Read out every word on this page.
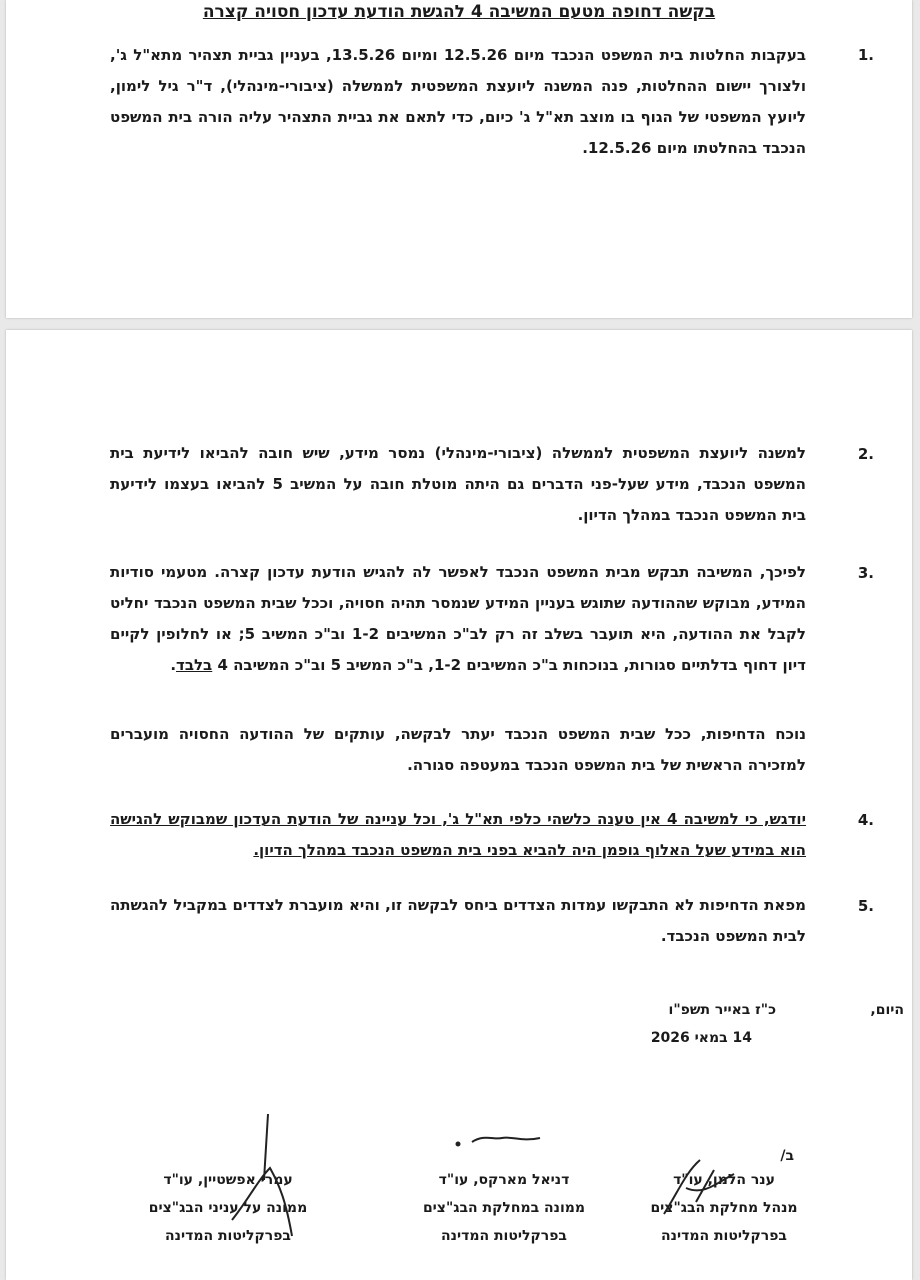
בקשה דחופה מטעם המשיבה 4 להגשת הודעת עדכון חסויה קצרה
1.
בעקבות החלטות בית המשפט הנכבד מיום 12.5.26 ומיום 13.5.26, בעניין גביית תצהיר מתא"ל ג', ולצורך יישום ההחלטות, פנה המשנה ליועצת המשפטית לממשלה (ציבורי-מינהלי), ד"ר גיל לימון, ליועץ המשפטי של הגוף בו מוצב תא"ל ג' כיום, כדי לתאם את גביית התצהיר עליה הורה בית המשפט הנכבד בהחלטתו מיום 12.5.26.
2.
למשנה ליועצת המשפטית לממשלה (ציבורי-מינהלי) נמסר מידע, שיש חובה להביאו לידיעת בית המשפט הנכבד, מידע שעל-פני הדברים גם היתה מוטלת חובה על המשיב 5 להביאו בעצמו לידיעת בית המשפט הנכבד במהלך הדיון.
3.
לפיכך, המשיבה תבקש מבית המשפט הנכבד לאפשר לה להגיש הודעת עדכון קצרה. מטעמי סודיות המידע, מבוקש שההודעה שתוגש בעניין המידע שנמסר תהיה חסויה, וככל שבית המשפט הנכבד יחליט לקבל את ההודעה, היא תועבר בשלב זה רק לב"כ המשיבים 1-2 וב"כ המשיב 5; או לחלופין לקיים דיון דחוף בדלתיים סגורות, בנוכחות ב"כ המשיבים 1-2, ב"כ המשיב 5 וב"כ המשיבה 4 בלבד.
נוכח הדחיפות, ככל שבית המשפט הנכבד יעתר לבקשה, עותקים של ההודעה החסויה מועברים למזכירה הראשית של בית המשפט הנכבד במעטפה סגורה.
4.
יודגש, כי למשיבה 4 אין טענה כלשהי כלפי תא"ל ג', וכל עניינה של הודעת העדכון שמבוקש להגישה הוא במידע שעל האלוף גופמן היה להביא בפני בית המשפט הנכבד במהלך הדיון.
5.
מפאת הדחיפות לא התבקשו עמדות הצדדים ביחס לבקשה זו, והיא מועברת לצדדים במקביל להגשתה לבית המשפט הנכבד.
היום,
כ"ז באייר תשפ"ו
14 במאי 2026
ב/
ענר הלמן, עו"ד
מנהל מחלקת הבג"צים
בפרקליטות המדינה
דניאל מארקס, עו"ד
ממונה במחלקת הבג"צים
בפרקליטות המדינה
עמרי אפשטיין, עו"ד
ממונה על עניני הבג"צים
בפרקליטות המדינה
